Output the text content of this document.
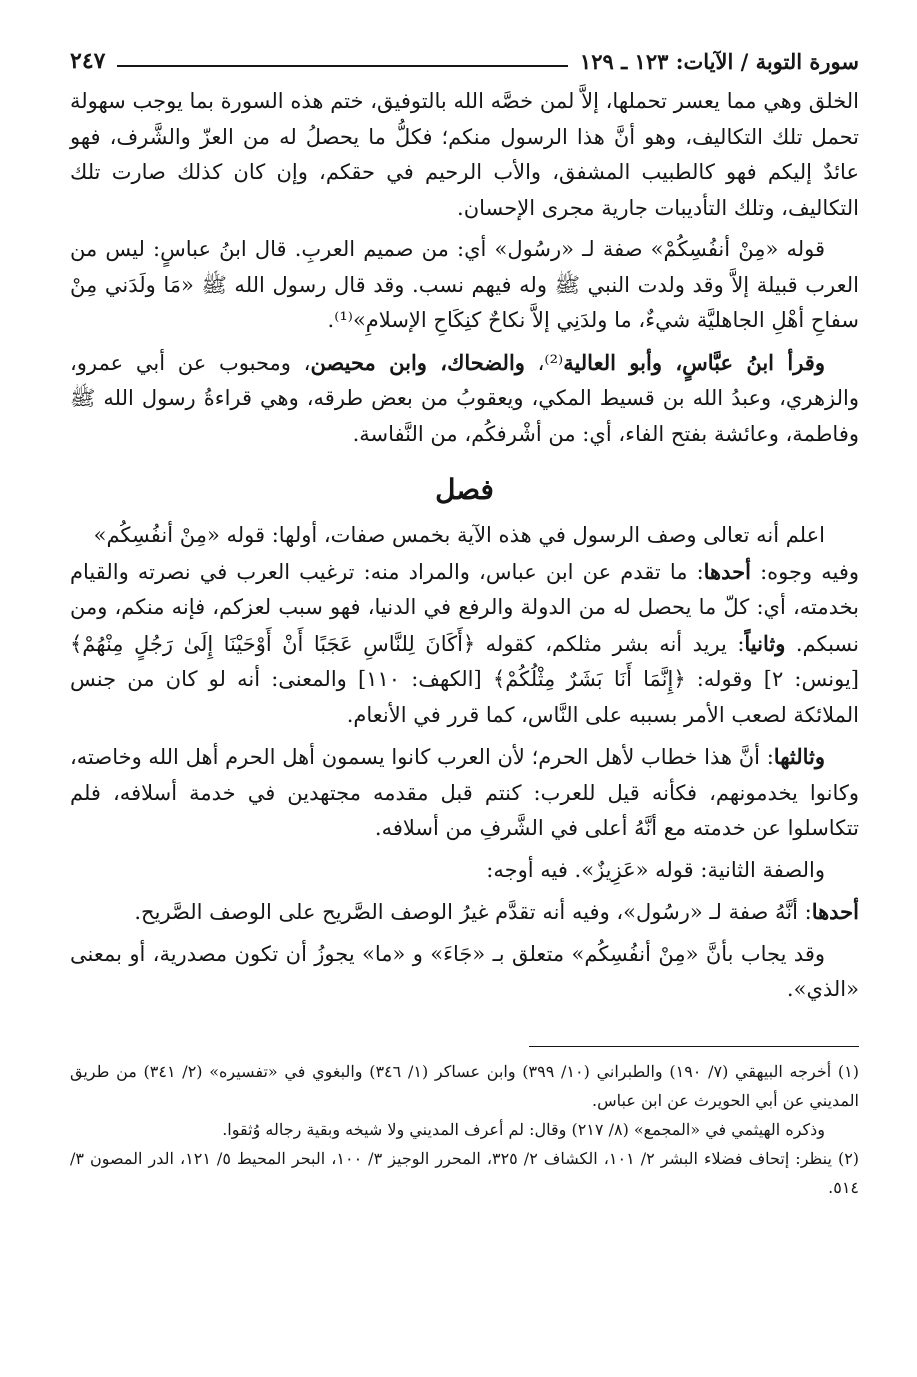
سورة التوبة / الآيات: ١٢٣ ـ ١٢٩
٢٤٧

الخلق وهي مما يعسر تحملها، إلاَّ لمن خصَّه الله بالتوفيق، ختم هذه السورة بما يوجب سهولة تحمل تلك التكاليف، وهو أنَّ هذا الرسول منكم؛ فكلُّ ما يحصلُ له من العزّ والشَّرف، فهو عائدٌ إليكم فهو كالطبيب المشفق، والأب الرحيم في حقكم، وإن كان كذلك صارت تلك التكاليف، وتلك التأديبات جارية مجرى الإحسان.

قوله «مِنْ أنفُسِكُمْ» صفة لـ «رسُول» أي: من صميم العربِ. قال ابنُ عباسٍ: ليس من العرب قبيلة إلاَّ وقد ولدت النبي ﷺ وله فيهم نسب. وقد قال رسول الله ﷺ «مَا ولَدَني مِنْ سفاحِ أهْلِ الجاهليَّة شيءٌ، ما ولدَنِي إلاَّ نكاحٌ كنِكَاحِ الإسلامِ»⁽¹⁾.

وقرأ ابنُ عبَّاسٍ، وأبو العالية⁽²⁾، والضحاك، وابن محيصن، ومحبوب عن أبي عمرو، والزهري، وعبدُ الله بن قسيط المكي، ويعقوبُ من بعض طرقه، وهي قراءةُ رسول الله ﷺ وفاطمة، وعائشة بفتح الفاء، أي: من أشْرفكُم، من النَّفاسة.

فصل

اعلم أنه تعالى وصف الرسول في هذه الآية بخمس صفات، أولها: قوله «مِنْ أنفُسِكُم»

وفيه وجوه: أحدها: ما تقدم عن ابن عباس، والمراد منه: ترغيب العرب في نصرته والقيام بخدمته، أي: كلّ ما يحصل له من الدولة والرفع في الدنيا، فهو سبب لعزكم، فإنه منكم، ومن نسبكم. وثانياً: يريد أنه بشر مثلكم، كقوله ﴿أَكَانَ لِلنَّاسِ عَجَبًا أَنْ أَوْحَيْنَا إِلَىٰ رَجُلٍ مِنْهُمْ﴾ [يونس: ٢] وقوله: ﴿إِنَّمَا أَنَا بَشَرٌ مِثْلُكُمْ﴾ [الكهف: ١١٠] والمعنى: أنه لو كان من جنس الملائكة لصعب الأمر بسببه على النَّاس، كما قرر في الأنعام.

وثالثها: أنَّ هذا خطاب لأهل الحرم؛ لأن العرب كانوا يسمون أهل الحرم أهل الله وخاصته، وكانوا يخدمونهم، فكأنه قيل للعرب: كنتم قبل مقدمه مجتهدين في خدمة أسلافه، فلم تتكاسلوا عن خدمته مع أنَّهُ أعلى في الشَّرفِ من أسلافه.

والصفة الثانية: قوله «عَزِيزٌ». فيه أوجه:

أحدها: أنَّهُ صفة لـ «رسُول»، وفيه أنه تقدَّم غيرُ الوصف الصَّريح على الوصف الصَّريح.

وقد يجاب بأنَّ «مِنْ أنفُسِكُم» متعلق بـ «جَاءَ» و «ما» يجوزُ أن تكون مصدرية، أو بمعنى «الذي».

(١) أخرجه البيهقي (٧/ ١٩٠) والطبراني (١٠/ ٣٩٩) وابن عساكر (١/ ٣٤٦) والبغوي في «تفسيره» (٢/ ٣٤١) من طريق المديني عن أبي الحويرث عن ابن عباس.

وذكره الهيثمي في «المجمع» (٨/ ٢١٧) وقال: لم أعرف المديني ولا شيخه وبقية رجاله وُثقوا.

(٢) ينظر: إتحاف فضلاء البشر ٢/ ١٠١، الكشاف ٢/ ٣٢٥، المحرر الوجيز ٣/ ١٠٠، البحر المحيط ٥/ ١٢١، الدر المصون ٣/ ٥١٤.
